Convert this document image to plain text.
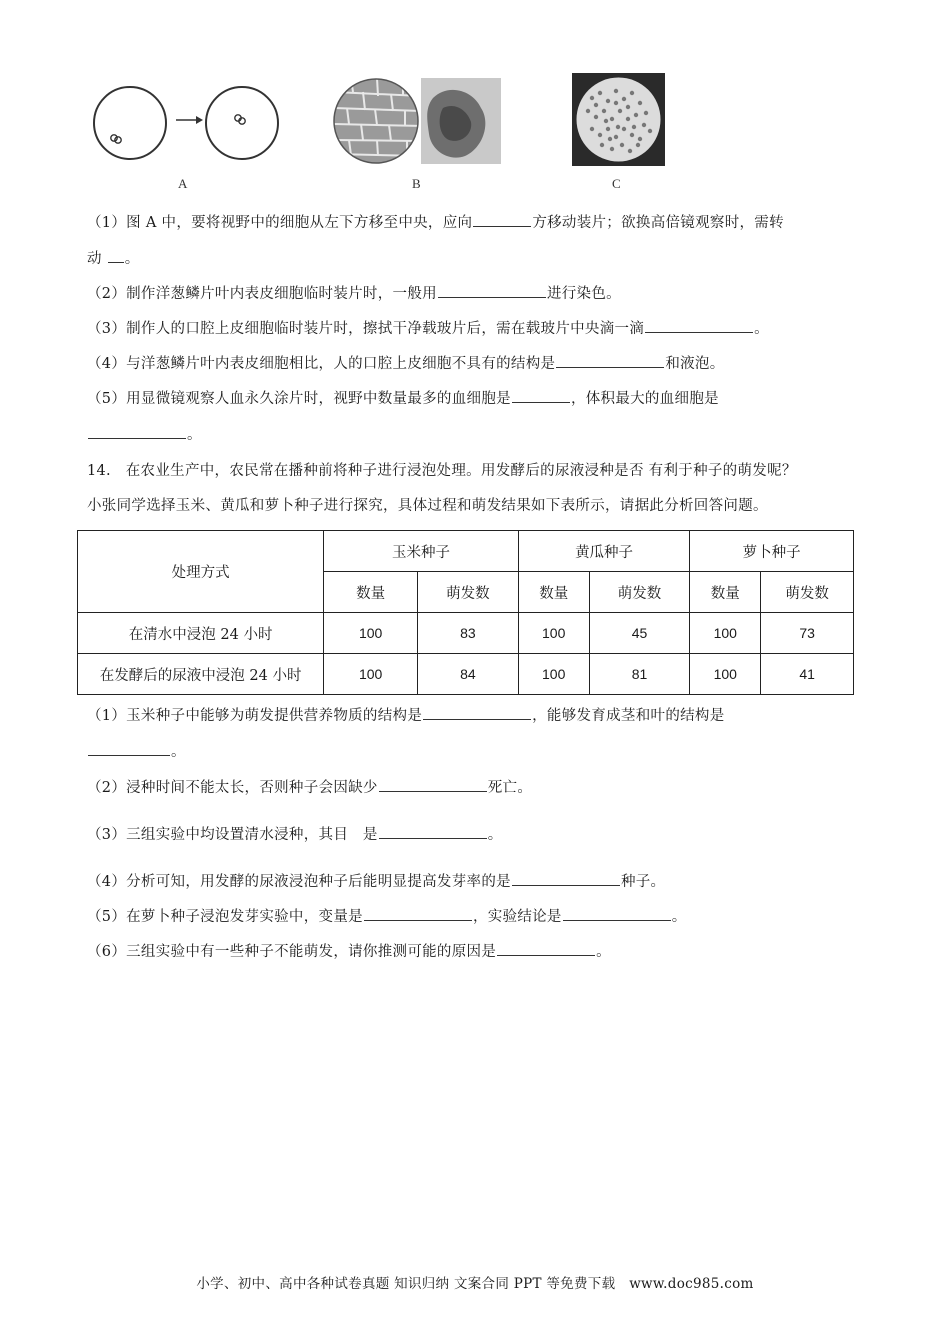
A	B	C
（1）图 A 中，要将视野中的细胞从左下方移至中央，应向	方移动装片；欲换高倍镜观察时，需转
动 。
（2）制作洋葱鳞片叶内表皮细胞临时装片时，一般用	进行染色。
（3）制作人的口腔上皮细胞临时装片时，擦拭干净载玻片后，需在载玻片中央滴一滴	。
（4）与洋葱鳞片叶内表皮细胞相比，人的口腔上皮细胞不具有的结构是	和液泡。
（5）用显微镜观察人血永久涂片时，视野中数量最多的血细胞是	，体积最大的血细胞是
。
14.　在农业生产中，农民常在播种前将种子进行浸泡处理。用发酵后的尿液浸种是否 有利于种子的萌发呢？
小张同学选择玉米、黄瓜和萝卜种子进行探究，具体过程和萌发结果如下表所示，请据此分析回答问题。
处理方式	玉米种子		黄瓜种子		萝卜种子	
	数量	萌发数	数量	萌发数	数量	萌发数
在清水中浸泡 24 小时	100	83	100	45	100	73
在发酵后的尿液中浸泡 24 小时	100	84	100	81	100	41
（1）玉米种子中能够为萌发提供营养物质的结构是	，能够发育成茎和叶的结构是
。
（2）浸种时间不能太长，否则种子会因缺少	死亡。
（3）三组实验中均设置清水浸种，其目　是	。
（4）分析可知，用发酵的尿液浸泡种子后能明显提高发芽率的是	种子。
（5）在萝卜种子浸泡发芽实验中，变量是	，实验结论是	。
（6）三组实验中有一些种子不能萌发，请你推测可能的原因是	。
小学、初中、高中各种试卷真题 知识归纳 文案合同 PPT 等免费下载　www.doc985.com
